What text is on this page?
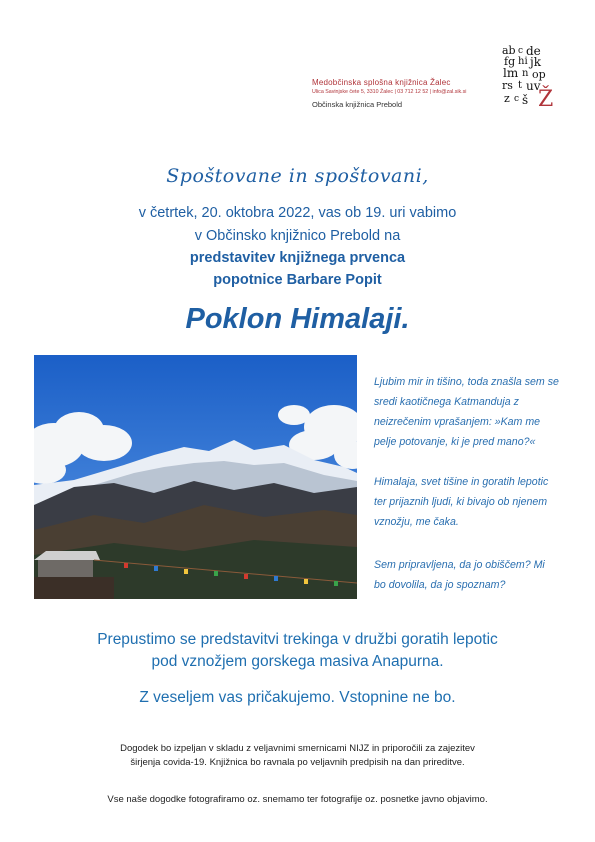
Medobčinska splošna knjižnica Žalec
Ulica Savinjske čete 5, 3310 Žalec | 03 712 12 52 | info@zal.sik.si
Občinska knjižnica Prebold
ab c de
fg hi jk
lm n op
rs t uv
z c š Ž
Spoštovane in spoštovani,
v četrtek, 20. oktobra 2022, vas ob 19. uri vabimo
v Občinsko knjižnico Prebold na
predstavitev knjižnega prvenca
popotnice Barbare Popit
Poklon Himalaji.
Ljubim mir in tišino, toda znašla sem se sredi kaotičnega Katmanduja z neizrečenim vprašanjem: »Kam me pelje potovanje, ki je pred mano?«
Himalaja, svet tišine in goratih lepotic ter prijaznih ljudi, ki bivajo ob njenem vznožju, me čaka.
Sem pripravljena, da jo obiščem? Mi bo dovolila, da jo spoznam?
Prepustimo se predstavitvi trekinga v družbi goratih lepotic
pod vznožjem gorskega masiva Anapurna.
Z veseljem vas pričakujemo. Vstopnine ne bo.
Dogodek bo izpeljan v skladu z veljavnimi smernicami NIJZ in priporočili za zajezitev
širjenja covida-19. Knjižnica bo ravnala po veljavnih predpisih na dan prireditve.
Vse naše dogodke fotografiramo oz. snemamo ter fotografije oz. posnetke javno objavimo.
